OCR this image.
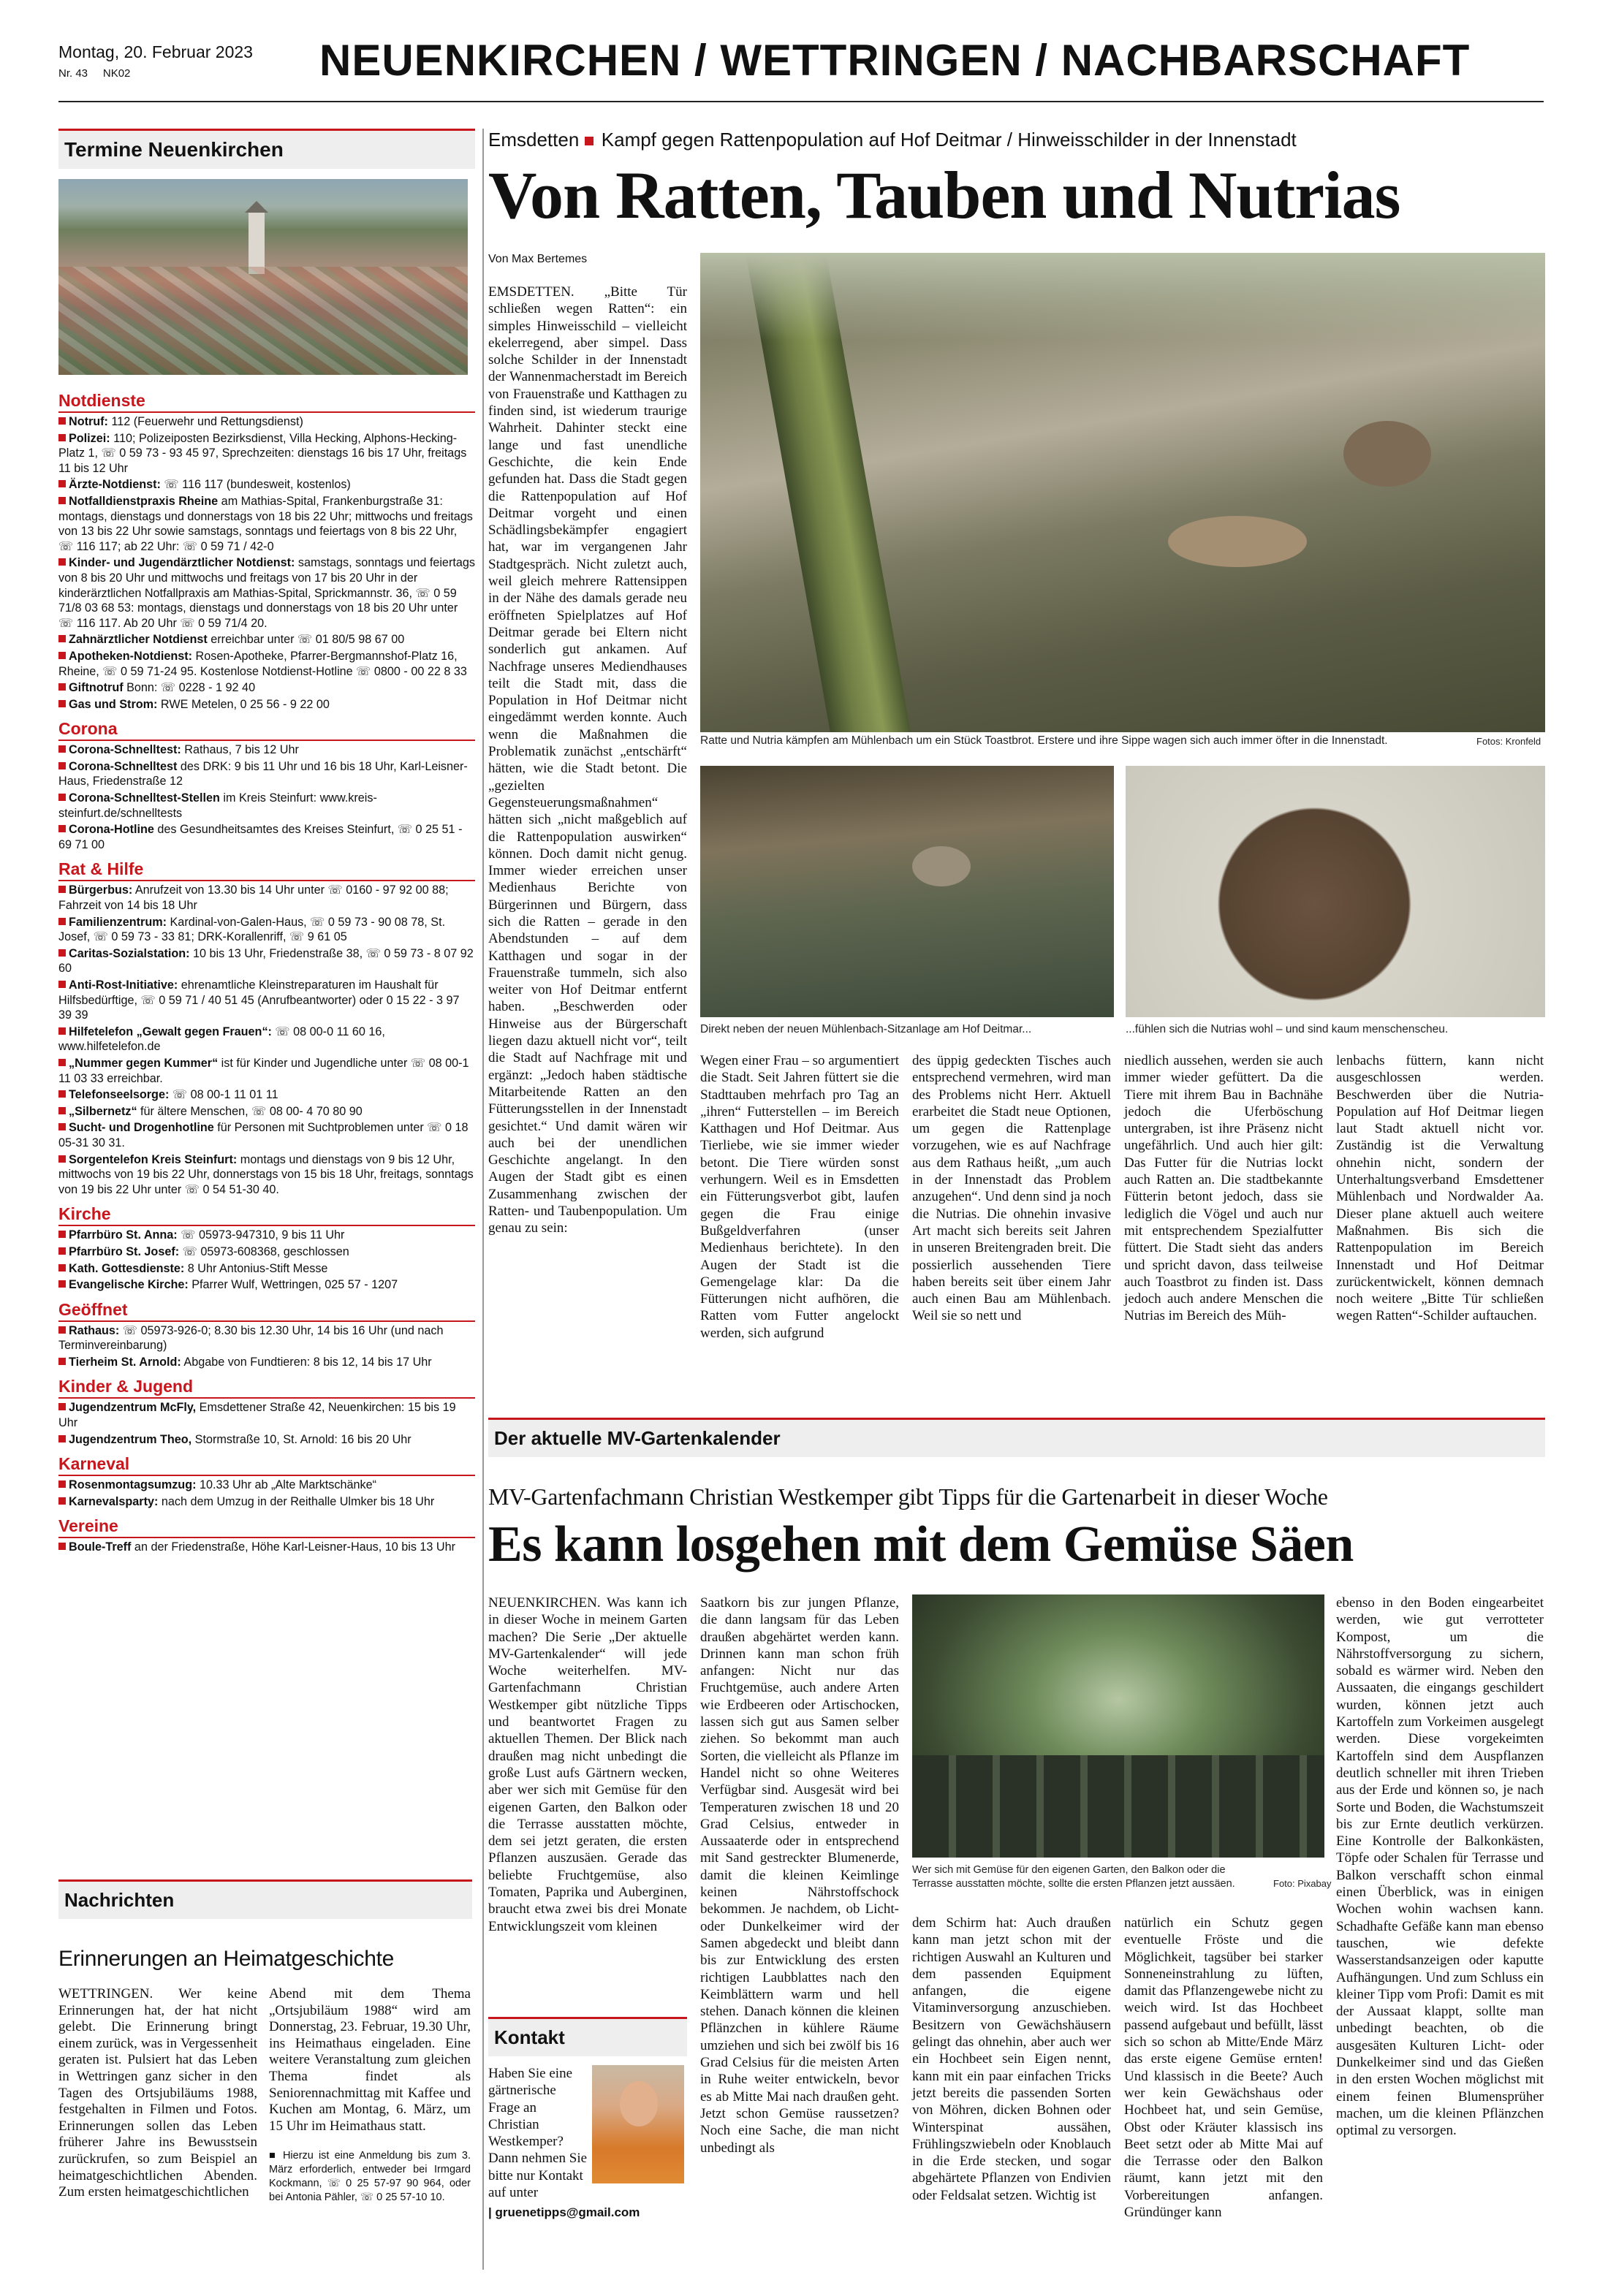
Montag, 20. Februar 2023
Nr. 43 NK02	NEUENKIRCHEN / WETTRINGEN / NACHBARSCHAFT
Termine Neuenkirchen
Notdienste
Notruf: 112 (Feuerwehr und Rettungsdienst)
Polizei: 110; Polizeiposten Bezirksdienst, Villa Hecking, Alphons-Hecking-Platz 1, ☏ 0 59 73 - 93 45 97, Sprechzeiten: dienstags 16 bis 17 Uhr, freitags 11 bis 12 Uhr
Ärzte-Notdienst: ☏ 116 117 (bundesweit, kostenlos)
Notfalldienstpraxis Rheine am Mathias-Spital, Frankenburgstraße 31: montags, dienstags und donnerstags von 18 bis 22 Uhr; mittwochs und freitags von 13 bis 22 Uhr sowie samstags, sonntags und feiertags von 8 bis 22 Uhr, ☏ 116 117; ab 22 Uhr: ☏ 0 59 71 / 42-0
Kinder- und Jugendärztlicher Notdienst: samstags, sonntags und feiertags von 8 bis 20 Uhr und mittwochs und freitags von 17 bis 20 Uhr in der kinderärztlichen Notfallpraxis am Mathias-Spital, Sprickmannstr. 36, ☏ 0 59 71/8 03 68 53: montags, dienstags und donnerstags von 18 bis 20 Uhr unter ☏ 116 117. Ab 20 Uhr ☏ 0 59 71/4 20.
Zahnärztlicher Notdienst erreichbar unter ☏ 01 80/5 98 67 00
Apotheken-Notdienst: Rosen-Apotheke, Pfarrer-Bergmannshof-Platz 16, Rheine, ☏ 0 59 71-24 95. Kostenlose Notdienst-Hotline ☏ 0800 - 00 22 8 33
Giftnotruf Bonn: ☏ 0228 - 1 92 40
Gas und Strom: RWE Metelen, 0 25 56 - 9 22 00
Corona
Corona-Schnelltest: Rathaus, 7 bis 12 Uhr
Corona-Schnelltest des DRK: 9 bis 11 Uhr und 16 bis 18 Uhr, Karl-Leisner-Haus, Friedenstraße 12
Corona-Schnelltest-Stellen im Kreis Steinfurt: www.kreis-steinfurt.de/schnelltests
Corona-Hotline des Gesundheitsamtes des Kreises Steinfurt, ☏ 0 25 51 - 69 71 00
Rat & Hilfe
Bürgerbus: Anrufzeit von 13.30 bis 14 Uhr unter ☏ 0160 - 97 92 00 88; Fahrzeit von 14 bis 18 Uhr
Familienzentrum: Kardinal-von-Galen-Haus, ☏ 0 59 73 - 90 08 78, St. Josef, ☏ 0 59 73 - 33 81; DRK-Korallenriff, ☏ 9 61 05
Caritas-Sozialstation: 10 bis 13 Uhr, Friedenstraße 38, ☏ 0 59 73 - 8 07 92 60
Anti-Rost-Initiative: ehrenamtliche Kleinstreparaturen im Haushalt für Hilfsbedürftige, ☏ 0 59 71 / 40 51 45 (Anrufbeantworter) oder 0 15 22 - 3 97 39 39
Hilfetelefon „Gewalt gegen Frauen“: ☏ 08 00-0 11 60 16, www.hilfetelefon.de
„Nummer gegen Kummer“ ist für Kinder und Jugendliche unter ☏ 08 00-1 11 03 33 erreichbar.
Telefonseelsorge: ☏ 08 00-1 11 01 11
„Silbernetz“ für ältere Menschen, ☏ 08 00- 4 70 80 90
Sucht- und Drogenhotline für Personen mit Suchtproblemen unter ☏ 0 18 05-31 30 31.
Sorgentelefon Kreis Steinfurt: montags und dienstags von 9 bis 12 Uhr, mittwochs von 19 bis 22 Uhr, donnerstags von 15 bis 18 Uhr, freitags, sonntags von 19 bis 22 Uhr unter ☏ 0 54 51-30 40.
Kirche
Pfarrbüro St. Anna: ☏ 05973-947310, 9 bis 11 Uhr
Pfarrbüro St. Josef: ☏ 05973-608368, geschlossen
Kath. Gottesdienste: 8 Uhr Antonius-Stift Messe
Evangelische Kirche: Pfarrer Wulf, Wettringen, 025 57 - 1207
Geöffnet
Rathaus: ☏ 05973-926-0; 8.30 bis 12.30 Uhr, 14 bis 16 Uhr (und nach Terminvereinbarung)
Tierheim St. Arnold: Abgabe von Fundtieren: 8 bis 12, 14 bis 17 Uhr
Kinder & Jugend
Jugendzentrum McFly, Emsdettener Straße 42, Neuenkirchen: 15 bis 19 Uhr
Jugendzentrum Theo, Stormstraße 10, St. Arnold: 16 bis 20 Uhr
Karneval
Rosenmontagsumzug: 10.33 Uhr ab „Alte Marktschänke“
Karnevalsparty: nach dem Umzug in der Reithalle Ulmker bis 18 Uhr
Vereine
Boule-Treff an der Friedenstraße, Höhe Karl-Leisner-Haus, 10 bis 13 Uhr
Nachrichten
Erinnerungen an Heimatgeschichte
WETTRINGEN. Wer keine Erinnerungen hat, der hat nicht gelebt. Die Erinnerung bringt einem zurück, was in Vergessenheit geraten ist. Pulsiert hat das Leben in Wettringen ganz sicher in den Tagen des Ortsjubiläums 1988, festgehalten in Filmen und Fotos. Erinnerungen sollen das Leben früherer Jahre ins Bewusstsein zurückrufen, so zum Beispiel an heimatgeschichtlichen Abenden. Zum ersten heimatgeschichtlichen
Abend mit dem Thema „Ortsjubiläum 1988“ wird am Donnerstag, 23. Februar, 19.30 Uhr, ins Heimathaus eingeladen. Eine weitere Veranstaltung zum gleichen Thema findet als Seniorennachmittag mit Kaffee und Kuchen am Montag, 6. März, um 15 Uhr im Heimathaus statt.
■ Hierzu ist eine Anmeldung bis zum 3. März erforderlich, entweder bei Irmgard Kockmann, ☏ 0 25 57-97 90 964, oder bei Antonia Pähler, ☏ 0 25 57-10 10.
Emsdetten Kampf gegen Rattenpopulation auf Hof Deitmar / Hinweisschilder in der Innenstadt
Von Ratten, Tauben und Nutrias
Von Max Bertemes
EMSDETTEN. „Bitte Tür schließen wegen Ratten“: ein simples Hinweisschild – vielleicht ekelerregend, aber simpel. Dass solche Schilder in der Innenstadt der Wannenmacherstadt im Bereich von Frauenstraße und Katthagen zu finden sind, ist wiederum traurige Wahrheit. Dahinter steckt eine lange und fast unendliche Geschichte, die kein Ende gefunden hat. Dass die Stadt gegen die Rattenpopulation auf Hof Deitmar vorgeht und einen Schädlingsbekämpfer engagiert hat, war im vergangenen Jahr Stadtgespräch. Nicht zuletzt auch, weil gleich mehrere Rattensippen in der Nähe des damals gerade neu eröffneten Spielplatzes auf Hof Deitmar gerade bei Eltern nicht sonderlich gut ankamen. Auf Nachfrage unseres Mediendhauses teilt die Stadt mit, dass die Population in Hof Deitmar nicht eingedämmt werden konnte. Auch wenn die Maßnahmen die Problematik zunächst „entschärft“ hätten, wie die Stadt betont. Die „gezielten Gegensteuerungsmaßnahmen“ hätten sich „nicht maßgeblich auf die Rattenpopulation auswirken“ können. Doch damit nicht genug. Immer wieder erreichen unser Medienhaus Berichte von Bürgerinnen und Bürgern, dass sich die Ratten – gerade in den Abendstunden – auf dem Katthagen und sogar in der Frauenstraße tummeln, sich also weiter von Hof Deitmar entfernt haben. „Beschwerden oder Hinweise aus der Bürgerschaft liegen dazu aktuell nicht vor“, teilt die Stadt auf Nachfrage mit und ergänzt: „Jedoch haben städtische Mitarbeitende Ratten an den Fütterungsstellen in der Innenstadt gesichtet.“ Und damit wären wir auch bei der unendlichen Geschichte angelangt. In den Augen der Stadt gibt es einen Zusammenhang zwischen der Ratten- und Taubenpopulation. Um genau zu sein:
Ratte und Nutria kämpfen am Mühlenbach um ein Stück Toastbrot. Erstere und ihre Sippe wagen sich auch immer öfter in die Innenstadt.	Fotos: Kronfeld
Direkt neben der neuen Mühlenbach-Sitzanlage am Hof Deitmar...	...fühlen sich die Nutrias wohl – und sind kaum menschenscheu.
Wegen einer Frau – so argumentiert die Stadt. Seit Jahren füttert sie die Stadttauben mehrfach pro Tag an „ihren“ Futterstellen – im Bereich Katthagen und Hof Deitmar. Aus Tierliebe, wie sie immer wieder betont. Die Tiere würden sonst verhungern. Weil es in Emsdetten ein Fütterungsverbot gibt, laufen gegen die Frau einige Bußgeldverfahren (unser Medienhaus berichtete). In den Augen der Stadt ist die Gemengelage klar: Da die Fütterungen nicht aufhören, die Ratten vom Futter angelockt werden, sich aufgrund
des üppig gedeckten Tisches auch entsprechend vermehren, wird man des Problems nicht Herr. Aktuell erarbeitet die Stadt neue Optionen, um gegen die Rattenplage vorzugehen, wie es auf Nachfrage aus dem Rathaus heißt, „um auch in der Innenstadt das Problem anzugehen“. Und denn sind ja noch die Nutrias. Die ohnehin invasive Art macht sich bereits seit Jahren in unseren Breitengraden breit. Die possierlich aussehenden Tiere haben bereits seit über einem Jahr auch einen Bau am Mühlenbach. Weil sie so nett und
niedlich aussehen, werden sie auch immer wieder gefüttert. Da die Tiere mit ihrem Bau in Bachnähe jedoch die Uferböschung untergraben, ist ihre Präsenz nicht ungefährlich. Und auch hier gilt: Das Futter für die Nutrias lockt auch Ratten an. Die stadtbekannte Fütterin betont jedoch, dass sie lediglich die Vögel und auch nur mit entsprechendem Spezialfutter füttert. Die Stadt sieht das anders und spricht davon, dass teilweise auch Toastbrot zu finden ist. Dass jedoch auch andere Menschen die Nutrias im Bereich des Müh-
lenbachs füttern, kann nicht ausgeschlossen werden. Beschwerden über die Nutria-Population auf Hof Deitmar liegen laut Stadt aktuell nicht vor. Zuständig ist die Verwaltung ohnehin nicht, sondern der Unterhaltungsverband Emsdettener Mühlenbach und Nordwalder Aa. Dieser plane aktuell auch weitere Maßnahmen. Bis sich die Rattenpopulation im Bereich Innenstadt und Hof Deitmar zurückentwickelt, können demnach noch weitere „Bitte Tür schließen wegen Ratten“-Schilder auftauchen.
Der aktuelle MV-Gartenkalender
MV-Gartenfachmann Christian Westkemper gibt Tipps für die Gartenarbeit in dieser Woche
Es kann losgehen mit dem Gemüse Säen
NEUENKIRCHEN. Was kann ich in dieser Woche in meinem Garten machen? Die Serie „Der aktuelle MV-Gartenkalender“ will jede Woche weiterhelfen. MV-Gartenfachmann Christian Westkemper gibt nützliche Tipps und beantwortet Fragen zu aktuellen Themen. Der Blick nach draußen mag nicht unbedingt die große Lust aufs Gärtnern wecken, aber wer sich mit Gemüse für den eigenen Garten, den Balkon oder die Terrasse ausstatten möchte, dem sei jetzt geraten, die ersten Pflanzen auszusäen. Gerade das beliebte Fruchtgemüse, also Tomaten, Paprika und Auberginen, braucht etwa zwei bis drei Monate Entwicklungszeit vom kleinen
Saatkorn bis zur jungen Pflanze, die dann langsam für das Leben draußen abgehärtet werden kann. Drinnen kann man schon früh anfangen: Nicht nur das Fruchtgemüse, auch andere Arten wie Erdbeeren oder Artischocken, lassen sich gut aus Samen selber ziehen. So bekommt man auch Sorten, die vielleicht als Pflanze im Handel nicht so ohne Weiteres Verfügbar sind. Ausgesät wird bei Temperaturen zwischen 18 und 20 Grad Celsius, entweder in Aussaaterde oder in entsprechend mit Sand gestreckter Blumenerde, damit die kleinen Keimlinge keinen Nährstoffschock bekommen. Je nachdem, ob Licht- oder Dunkelkeimer wird der Samen abgedeckt und bleibt dann bis zur Entwicklung des ersten richtigen Laubblattes nach den Keimblättern warm und hell stehen. Danach können die kleinen Pflänzchen in kühlere Räume umziehen und sich bei zwölf bis 16 Grad Celsius für die meisten Arten in Ruhe weiter entwickeln, bevor es ab Mitte Mai nach draußen geht. Jetzt schon Gemüse raussetzen? Noch eine Sache, die man nicht unbedingt als
Wer sich mit Gemüse für den eigenen Garten, den Balkon oder die Terrasse ausstatten möchte, sollte die ersten Pflanzen jetzt aussäen.	Foto: Pixabay
dem Schirm hat: Auch draußen kann man jetzt schon mit der richtigen Auswahl an Kulturen und dem passenden Equipment anfangen, die eigene Vitaminversorgung anzuschieben. Besitzern von Gewächshäusern gelingt das ohnehin, aber auch wer ein Hochbeet sein Eigen nennt, kann mit ein paar einfachen Tricks jetzt bereits die passenden Sorten von Möhren, dicken Bohnen oder Winterspinat aussähen, Frühlingszwiebeln oder Knoblauch in die Erde stecken, und sogar abgehärtete Pflanzen von Endivien oder Feldsalat setzen. Wichtig ist
natürlich ein Schutz gegen eventuelle Fröste und die Möglichkeit, tagsüber bei starker Sonneneinstrahlung zu lüften, damit das Pflanzengewebe nicht zu weich wird. Ist das Hochbeet passend aufgebaut und befüllt, lässt sich so schon ab Mitte/Ende März das erste eigene Gemüse ernten! Und klassisch in die Beete? Auch wer kein Gewächshaus oder Hochbeet hat, und sein Gemüse, Obst oder Kräuter klassisch ins Beet setzt oder ab Mitte Mai auf die Terrasse oder den Balkon räumt, kann jetzt mit den Vorbereitungen anfangen. Gründünger kann
ebenso in den Boden eingearbeitet werden, wie gut verrotteter Kompost, um die Nährstoffversorgung zu sichern, sobald es wärmer wird. Neben den Aussaaten, die eingangs geschildert wurden, können jetzt auch Kartoffeln zum Vorkeimen ausgelegt werden. Diese vorgekeimten Kartoffeln sind dem Auspflanzen deutlich schneller mit ihren Trieben aus der Erde und können so, je nach Sorte und Boden, die Wachstumszeit bis zur Ernte deutlich verkürzen. Eine Kontrolle der Balkonkästen, Töpfe oder Schalen für Terrasse und Balkon verschafft schon einmal einen Überblick, was in einigen Wochen wohin wachsen kann. Schadhafte Gefäße kann man ebenso tauschen, wie defekte Wasserstandsanzeigen oder kaputte Aufhängungen. Und zum Schluss ein kleiner Tipp vom Profi: Damit es mit der Aussaat klappt, sollte man unbedingt beachten, ob die ausgesäten Kulturen Licht- oder Dunkelkeimer sind und das Gießen in den ersten Wochen möglichst mit einem feinen Blumensprüher machen, um die kleinen Pflänzchen optimal zu versorgen.
Kontakt
Haben Sie eine gärtnerische Frage an Christian Westkemper? Dann nehmen Sie bitte nur Kontakt auf unter
| gruenetipps@gmail.com
